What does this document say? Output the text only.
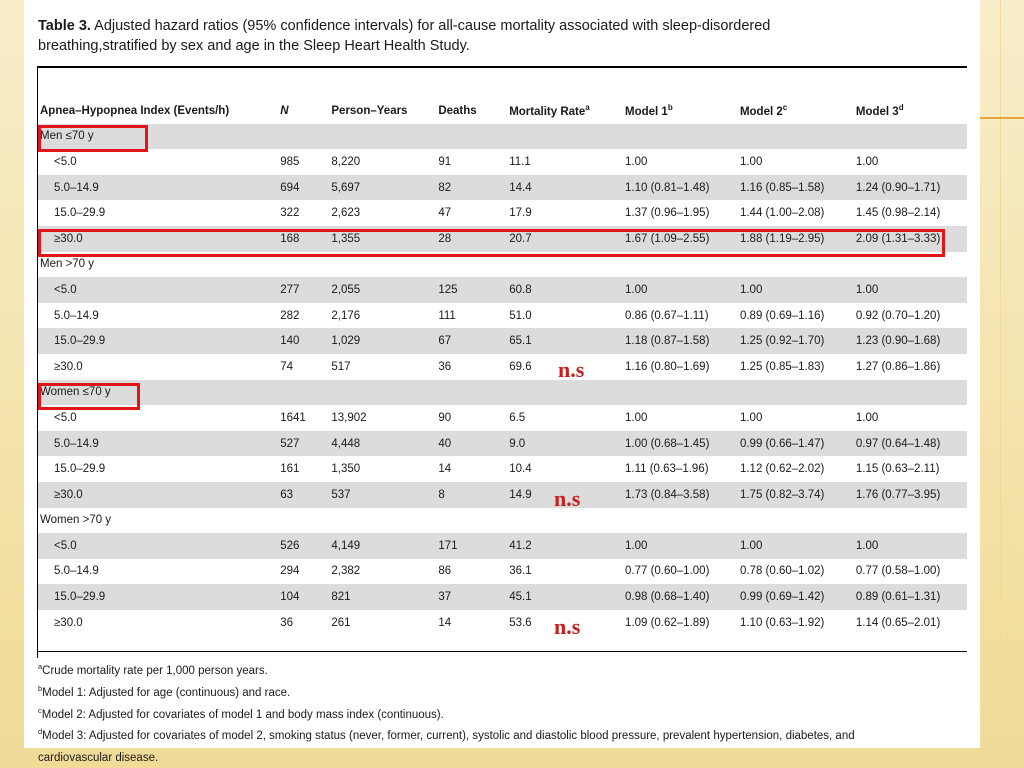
Table 3. Adjusted hazard ratios (95% confidence intervals) for all-cause mortality associated with sleep-disordered
breathing,stratified by sex and age in the Sleep Heart Health Study.
Apnea–Hypopnea Index (Events/h)	N	Person–Years	Deaths	Mortality Rate$^a$	Model 1$^b$	Model 2$^c$	Model 3$^d$
Men ≤70 y							
<5.0	985	8,220	91	11.1	1.00	1.00	1.00
5.0–14.9	694	5,697	82	14.4	1.10 (0.81–1.48)	1.16 (0.85–1.58)	1.24 (0.90–1.71)
15.0–29.9	322	2,623	47	17.9	1.37 (0.96–1.95)	1.44 (1.00–2.08)	1.45 (0.98–2.14)
≥30.0	168	1,355	28	20.7	1.67 (1.09–2.55)	1.88 (1.19–2.95)	2.09 (1.31–3.33)
Men >70 y							
<5.0	277	2,055	125	60.8	1.00	1.00	1.00
5.0–14.9	282	2,176	111	51.0	0.86 (0.67–1.11)	0.89 (0.69–1.16)	0.92 (0.70–1.20)
15.0–29.9	140	1,029	67	65.1	1.18 (0.87–1.58)	1.25 (0.92–1.70)	1.23 (0.90–1.68)
≥30.0	74	517	36	69.6	1.16 (0.80–1.69)	1.25 (0.85–1.83)	1.27 (0.86–1.86)
Women ≤70 y							
<5.0	1641	13,902	90	6.5	1.00	1.00	1.00
5.0–14.9	527	4,448	40	9.0	1.00 (0.68–1.45)	0.99 (0.66–1.47)	0.97 (0.64–1.48)
15.0–29.9	161	1,350	14	10.4	1.11 (0.63–1.96)	1.12 (0.62–2.02)	1.15 (0.63–2.11)
≥30.0	63	537	8	14.9	1.73 (0.84–3.58)	1.75 (0.82–3.74)	1.76 (0.77–3.95)
Women >70 y							
<5.0	526	4,149	171	41.2	1.00	1.00	1.00
5.0–14.9	294	2,382	86	36.1	0.77 (0.60–1.00)	0.78 (0.60–1.02)	0.77 (0.58–1.00)
15.0–29.9	104	821	37	45.1	0.98 (0.68–1.40)	0.99 (0.69–1.42)	0.89 (0.61–1.31)
≥30.0	36	261	14	53.6	1.09 (0.62–1.89)	1.10 (0.63–1.92)	1.14 (0.65–2.01)
$^a$Crude mortality rate per 1,000 person years.
$^b$Model 1: Adjusted for age (continuous) and race.
$^c$Model 2: Adjusted for covariates of model 1 and body mass index (continuous).
$^d$Model 3: Adjusted for covariates of model 2, smoking status (never, former, current), systolic and diastolic blood pressure, prevalent hypertension, diabetes, and
cardiovascular disease.
n.s
n.s
n.s
